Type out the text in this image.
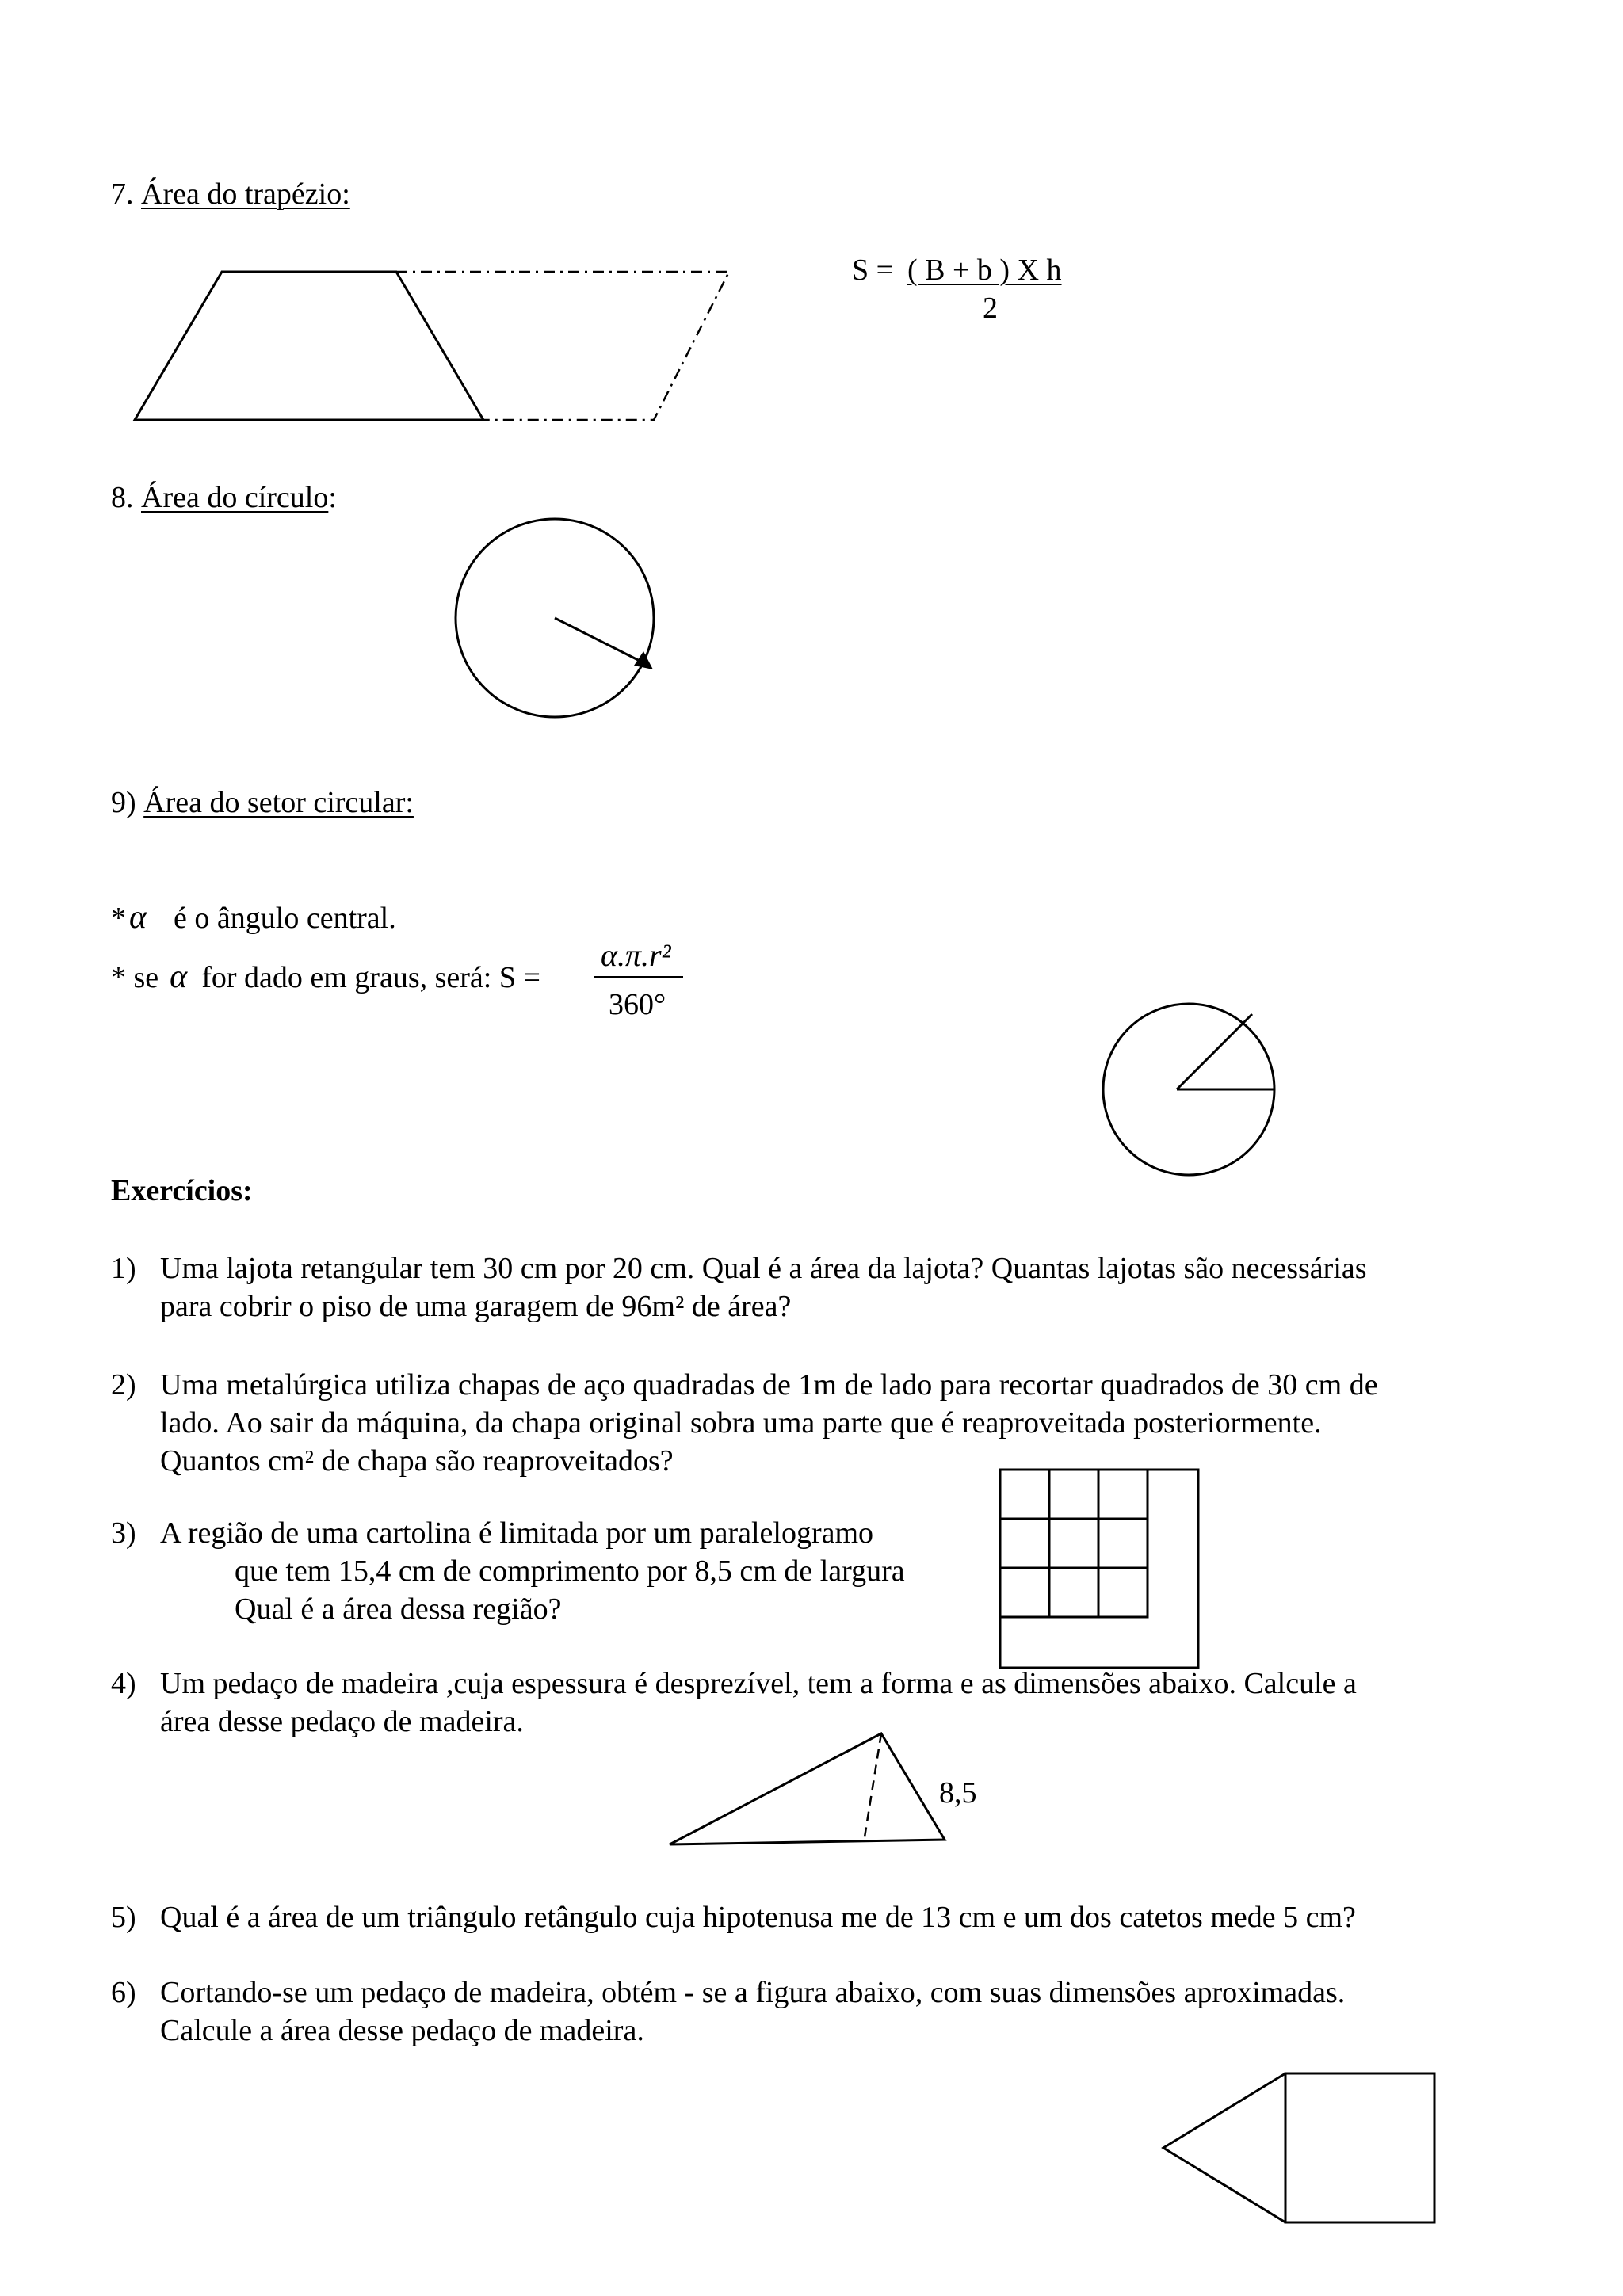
7. Área do trapézio:
S = ( B + b ) X h
2
8. Área do círculo:
9) Área do setor circular:
*α é o ângulo central.
* se α for dado em graus, será: S =
α.π.r²
360°
Exercícios:
1) Uma lajota retangular tem 30 cm por 20 cm. Qual é a área da lajota? Quantas lajotas são necessárias
para cobrir o piso de uma garagem de 96m² de área?
2) Uma metalúrgica utiliza chapas de aço quadradas de 1m de lado para recortar quadrados de 30 cm de
lado. Ao sair da máquina, da chapa original sobra uma parte que é reaproveitada posteriormente.
Quantos cm² de chapa são reaproveitados?
3) A região de uma cartolina é limitada por um paralelogramo
que tem 15,4 cm de comprimento por 8,5 cm de largura
Qual é a área dessa região?
4) Um pedaço de madeira ,cuja espessura é desprezível, tem a forma e as dimensões abaixo. Calcule a
área desse pedaço de madeira.
8,5
5) Qual é a área de um triângulo retângulo cuja hipotenusa me de 13 cm e um dos catetos mede 5 cm?
6) Cortando-se um pedaço de madeira, obtém - se a figura abaixo, com suas dimensões aproximadas.
Calcule a área desse pedaço de madeira.
